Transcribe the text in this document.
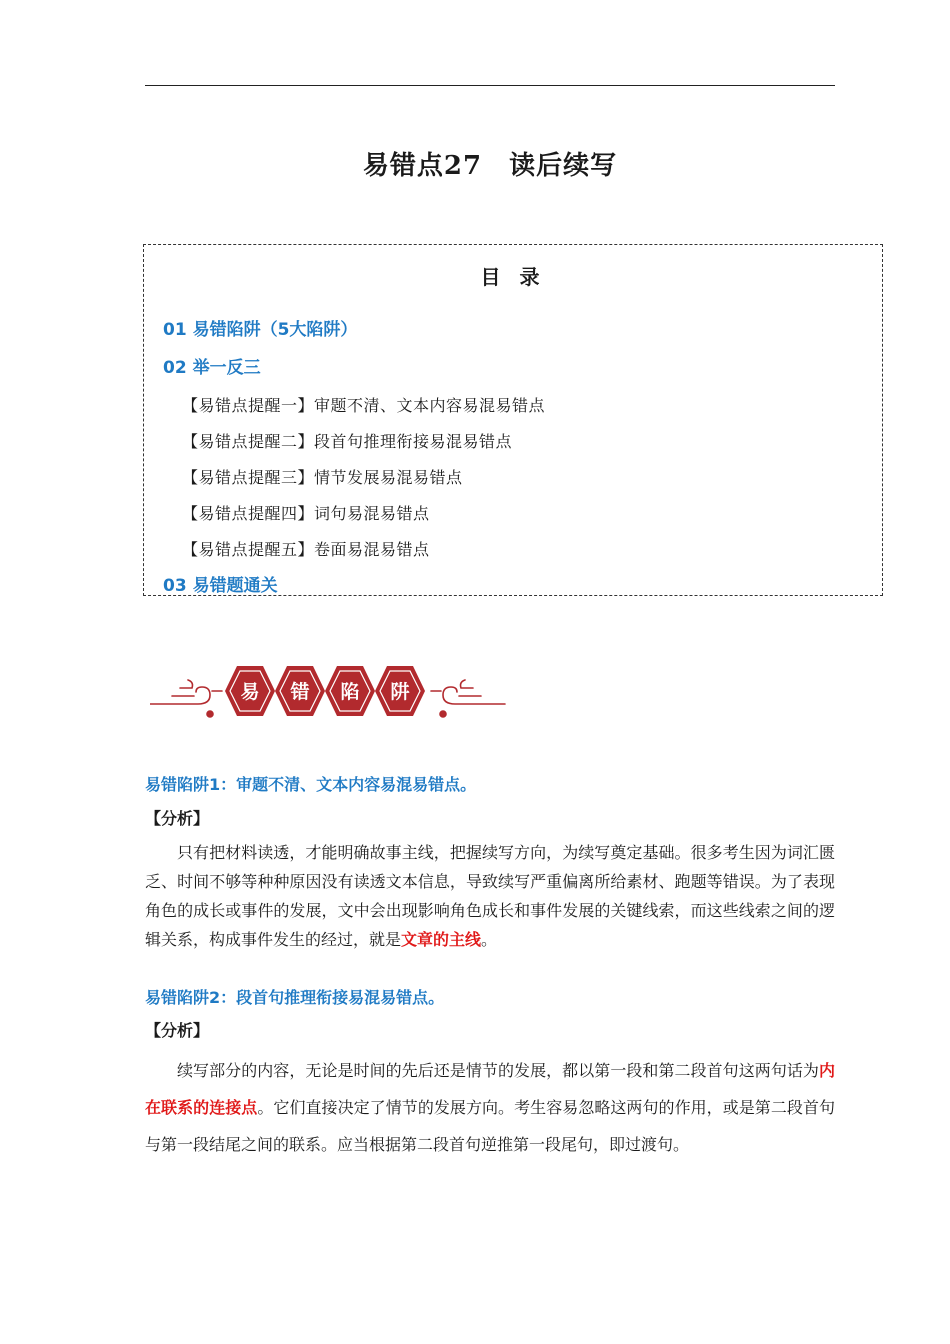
易错点27　读后续写
目 录
01 易错陷阱（5大陷阱）
02 举一反三
【易错点提醒一】审题不清、文本内容易混易错点
【易错点提醒二】段首句推理衔接易混易错点
【易错点提醒三】情节发展易混易错点
【易错点提醒四】词句易混易错点
【易错点提醒五】卷面易混易错点
03 易错题通关
易 错 陷 阱
易错陷阱1：审题不清、文本内容易混易错点。
【分析】
只有把材料读透，才能明确故事主线，把握续写方向，为续写奠定基础。很多考生因为词汇匮乏、时间不够等种种原因没有读透文本信息，导致续写严重偏离所给素材、跑题等错误。为了表现角色的成长或事件的发展，文中会出现影响角色成长和事件发展的关键线索，而这些线索之间的逻辑关系，构成事件发生的经过，就是文章的主线。
易错陷阱2：段首句推理衔接易混易错点。
【分析】
续写部分的内容，无论是时间的先后还是情节的发展，都以第一段和第二段首句这两句话为内在联系的连接点。它们直接决定了情节的发展方向。考生容易忽略这两句的作用，或是第二段首句与第一段结尾之间的联系。应当根据第二段首句逆推第一段尾句，即过渡句。
